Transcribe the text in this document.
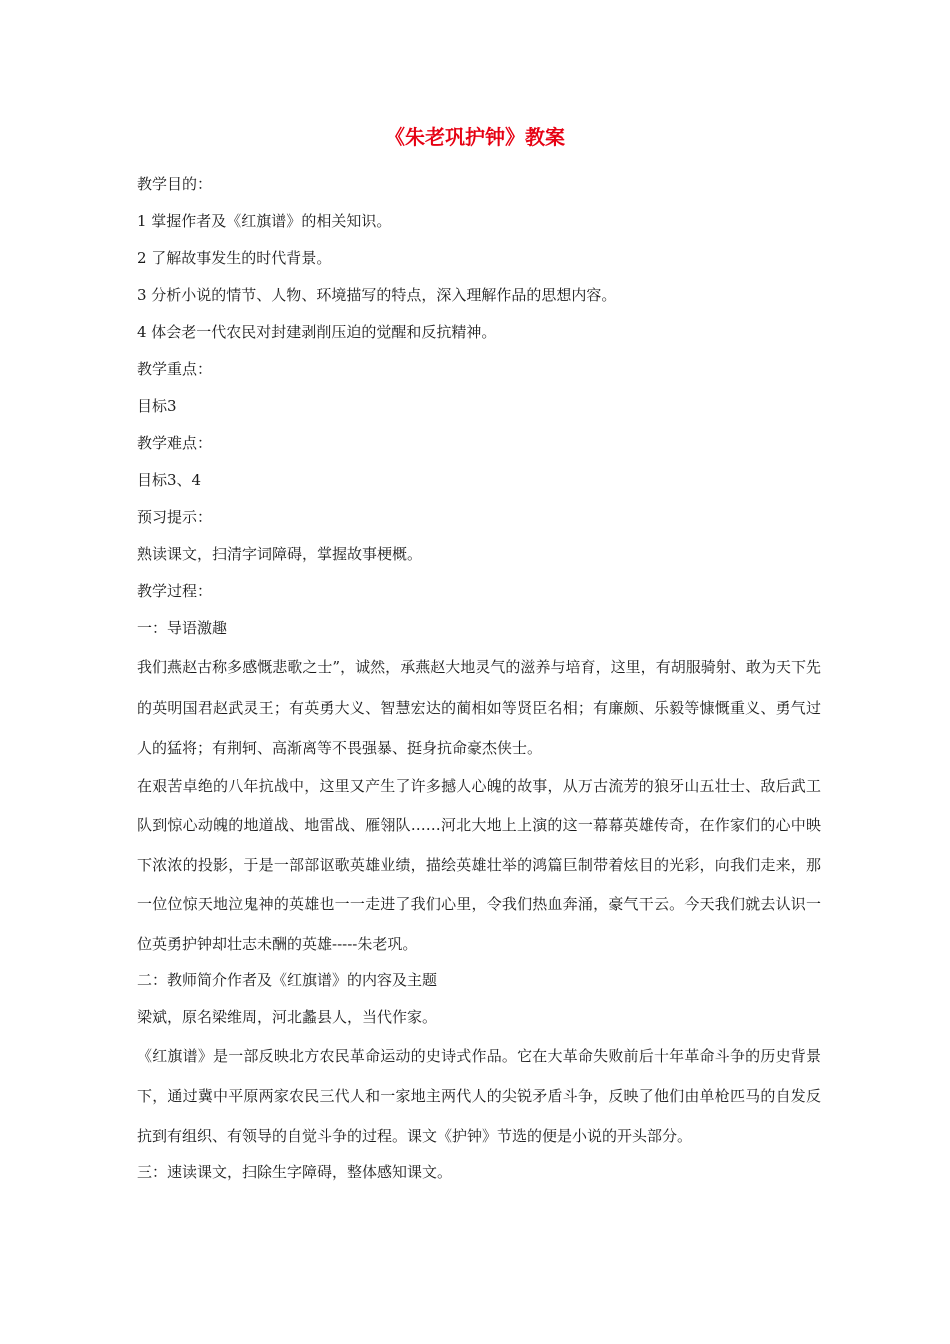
《朱老巩护钟》教案
教学目的：
1 掌握作者及《红旗谱》的相关知识。
2 了解故事发生的时代背景。
3 分析小说的情节、人物、环境描写的特点，深入理解作品的思想内容。
4 体会老一代农民对封建剥削压迫的觉醒和反抗精神。
教学重点：
目标3
教学难点：
目标3、4
预习提示：
熟读课文，扫清字词障碍，掌握故事梗概。
教学过程：
一：导语激趣
我们燕赵古称多感慨悲歌之士”，诚然，承燕赵大地灵气的滋养与培育，这里，有胡服骑射、敢为天下先的英明国君赵武灵王；有英勇大义、智慧宏达的蔺相如等贤臣名相；有廉颇、乐毅等慷慨重义、勇气过人的猛将；有荆轲、高渐离等不畏强暴、挺身抗命豪杰侠士。
在艰苦卓绝的八年抗战中，这里又产生了许多撼人心魄的故事，从万古流芳的狼牙山五壮士、敌后武工队到惊心动魄的地道战、地雷战、雁翎队……河北大地上上演的这一幕幕英雄传奇，在作家们的心中映下浓浓的投影，于是一部部讴歌英雄业绩，描绘英雄壮举的鸿篇巨制带着炫目的光彩，向我们走来，那一位位惊天地泣鬼神的英雄也一一走进了我们心里，令我们热血奔涌，豪气干云。今天我们就去认识一位英勇护钟却壮志未酬的英雄-----朱老巩。
二：教师简介作者及《红旗谱》的内容及主题
梁斌，原名梁维周，河北蠡县人，当代作家。
《红旗谱》是一部反映北方农民革命运动的史诗式作品。它在大革命失败前后十年革命斗争的历史背景下，通过冀中平原两家农民三代人和一家地主两代人的尖锐矛盾斗争，反映了他们由单枪匹马的自发反抗到有组织、有领导的自觉斗争的过程。课文《护钟》节选的便是小说的开头部分。
三：速读课文，扫除生字障碍，整体感知课文。
